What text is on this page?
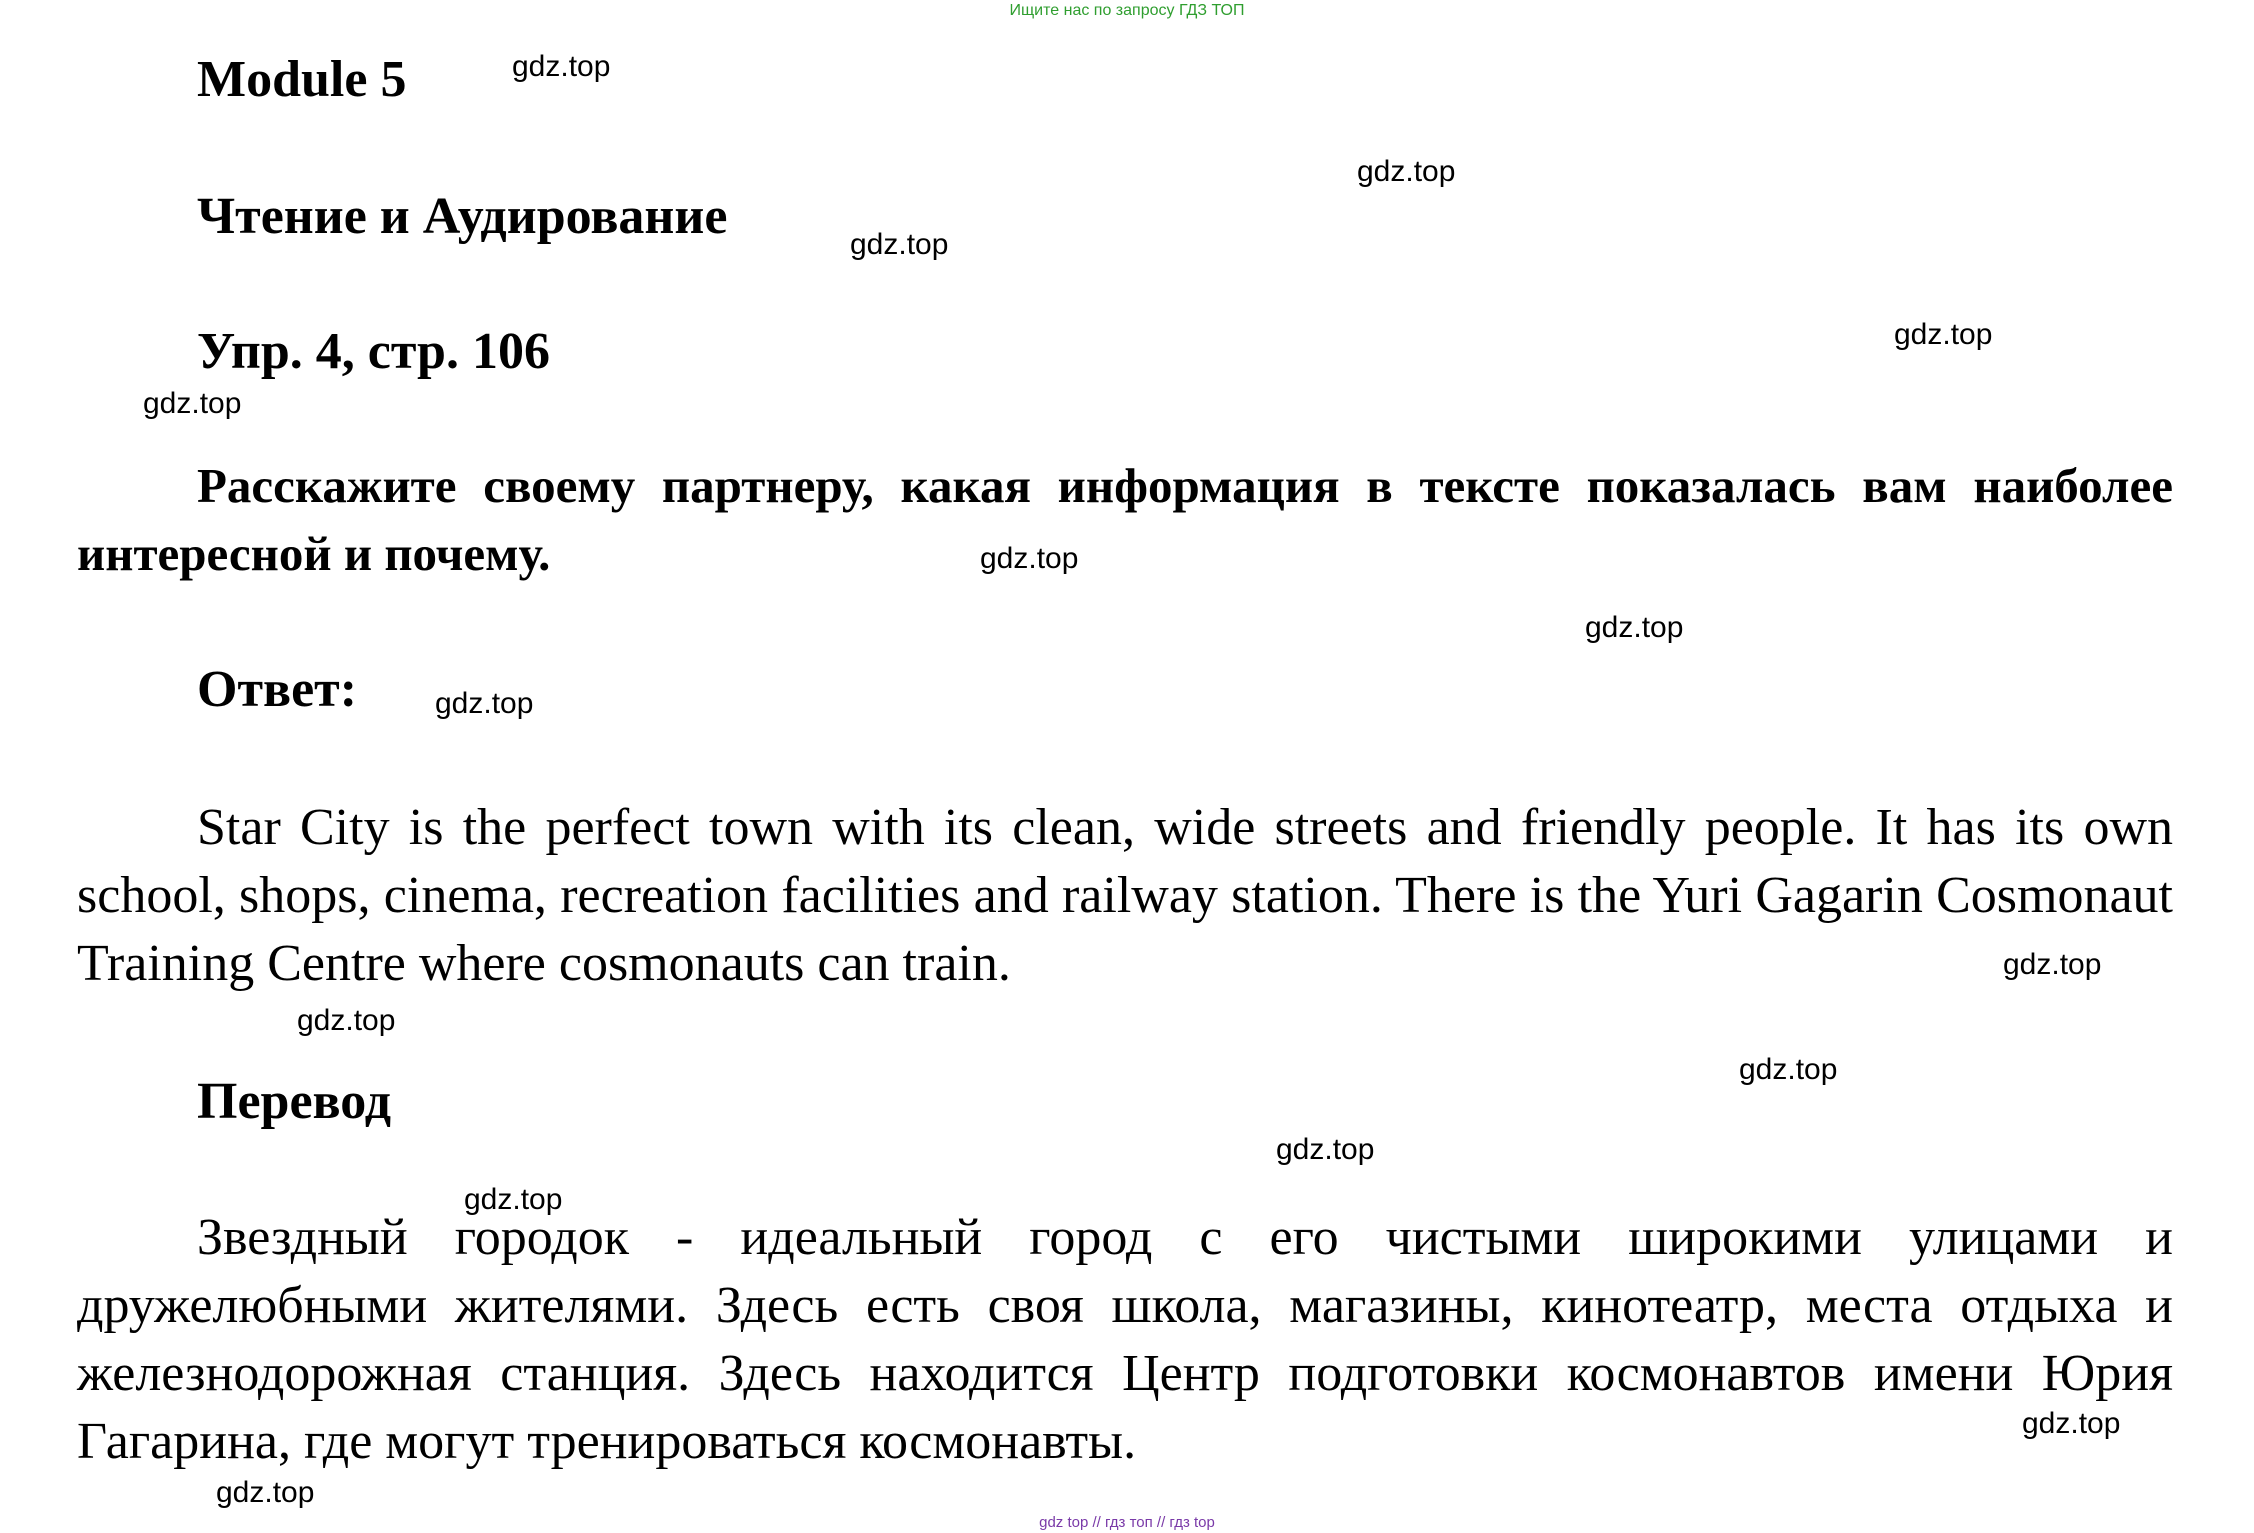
Ищите нас по запросу ГДЗ ТОП
Module 5
Чтение и Аудирование
Упр. 4, стр. 106
Расскажите своему партнеру, какая информация в тексте показалась вам наиболее интересной и почему.
Ответ:
Star City is the perfect town with its clean, wide streets and friendly people. It has its own school, shops, cinema, recreation facilities and railway station. There is the Yuri Gagarin Cosmonaut Training Centre where cosmonauts can train.
Перевод
Звездный городок - идеальный город с его чистыми широкими улицами и дружелюбными жителями. Здесь есть своя школа, магазины, кинотеатр, места отдыха и железнодорожная станция. Здесь находится Центр подготовки космонавтов имени Юрия Гагарина, где могут тренироваться космонавты.
gdz.top
gdz.top
gdz.top
gdz.top
gdz.top
gdz.top
gdz.top
gdz.top
gdz.top
gdz.top
gdz.top
gdz.top
gdz.top
gdz.top
gdz.top
gdz top // гдз топ // гдз top
